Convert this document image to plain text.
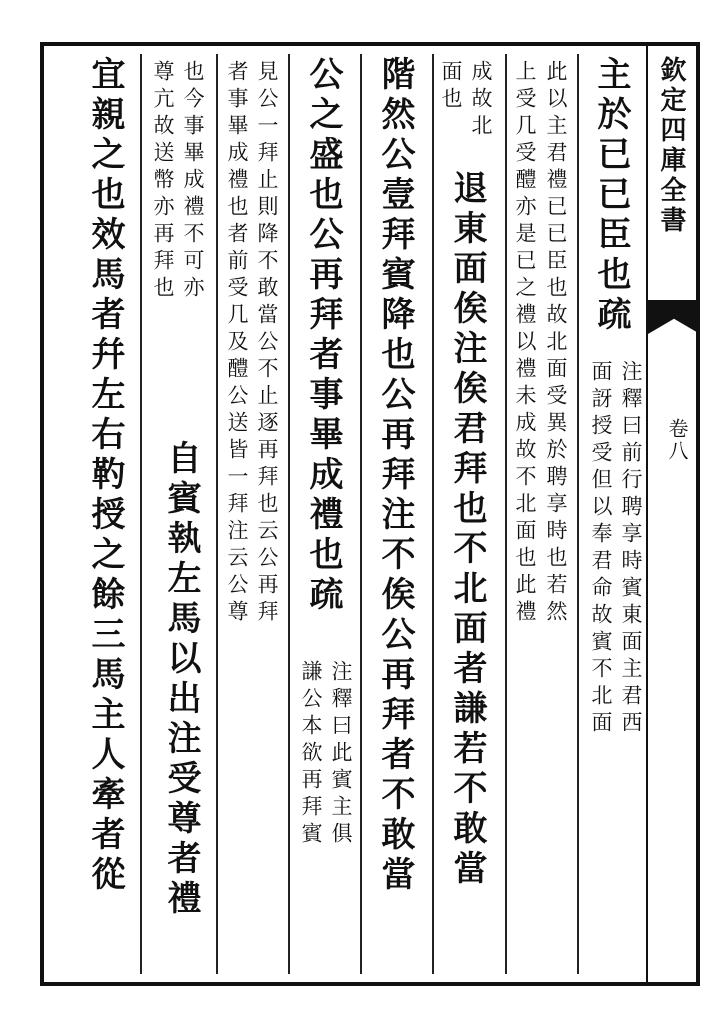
欽定四庫全書
卷八
主於已已臣也疏
注釋曰前行聘享時賓東面主君西
面訝授受但以奉君命故賓不北面
此以主君禮已已臣也故北面受異於聘享時也若然
上受几受醴亦是已之禮以禮未成故不北面也此禮
成故北
面也
退東面俟注俟君拜也不北面者謙若不敢當
階然公壹拜賓降也公再拜注不俟公再拜者不敢當
公之盛也公再拜者事畢成禮也疏
注釋曰此賓主俱
謙公本欲再拜賓
見公一拜止則降不敢當公不止逐再拜也云公再拜
者事畢成禮也者前受几及醴公送皆一拜注云公尊
也今事畢成禮不可亦
尊亢故送幣亦再拜也
自賓執左馬以出注受尊者禮
宜親之也效馬者幷左右靮授之餘三馬主人牽者從
